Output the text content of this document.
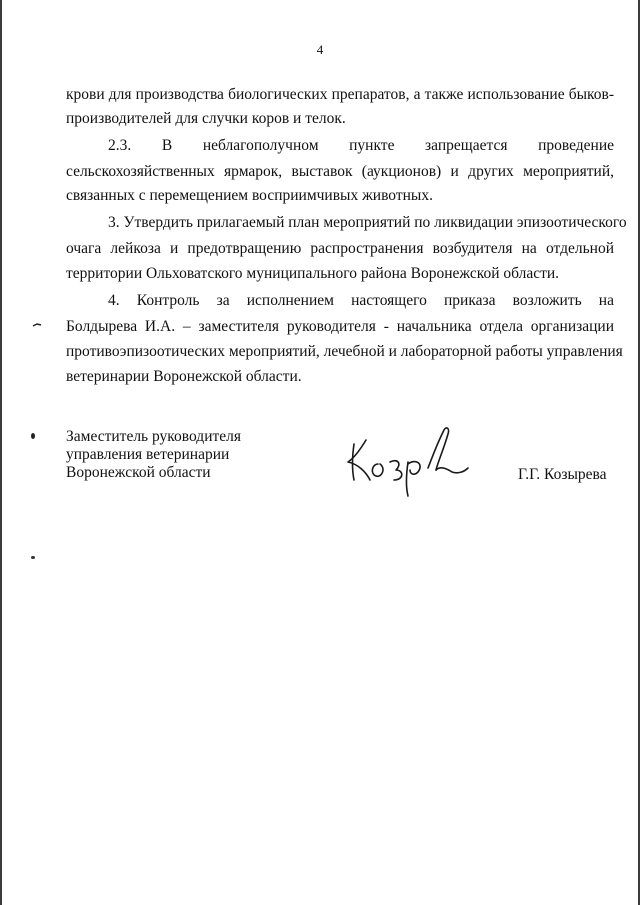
4
крови для производства биологических препаратов, а также использование быков-
производителей для случки коров и телок.
2.3. В неблагополучном пункте запрещается проведение
сельскохозяйственных ярмарок, выставок (аукционов) и других мероприятий,
связанных с перемещением восприимчивых животных.
3. Утвердить прилагаемый план мероприятий по ликвидации эпизоотического
очага лейкоза и предотвращению распространения возбудителя на отдельной
территории Ольховатского муниципального района Воронежской области.
4. Контроль за исполнением настоящего приказа возложить на
Болдырева И.А. – заместителя руководителя - начальника отдела организации
противоэпизоотических мероприятий, лечебной и лабораторной работы управления
ветеринарии Воронежской области.
Заместитель руководителя
управления ветеринарии
Воронежской области	Г.Г. Козырева
